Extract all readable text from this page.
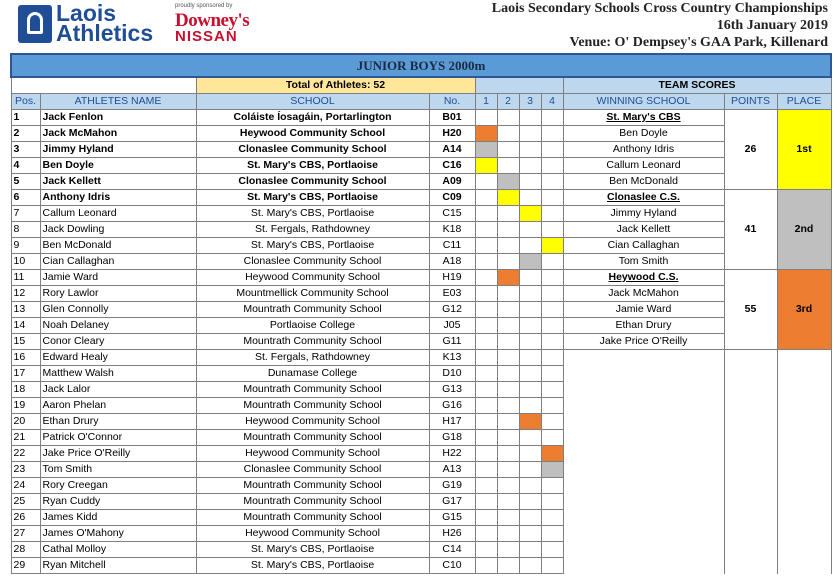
Laois
Athletics
proudly sponsored by
Downey's
NISSAN
Laois Secondary Schools Cross Country Championships
16th January 2019
Venue: O' Dempsey's GAA Park, Killenard
JUNIOR BOYS 2000m										
		Total of Athletes: 52						TEAM SCORES		
Pos.	ATHLETES NAME	SCHOOL	No.	1	2	3	4	WINNING SCHOOL	POINTS	PLACE
1	Jack Fenlon	Coláiste Íosagáin, Portarlington	B01					St. Mary's CBS	26	1st
2	Jack McMahon	Heywood Community School	H20					Ben Doyle		
3	Jimmy Hyland	Clonaslee Community School	A14					Anthony Idris		
4	Ben Doyle	St. Mary's CBS, Portlaoise	C16					Callum Leonard		
5	Jack Kellett	Clonaslee Community School	A09					Ben McDonald		
6	Anthony Idris	St. Mary's CBS, Portlaoise	C09					Clonaslee C.S.	41	2nd
7	Callum Leonard	St. Mary's CBS, Portlaoise	C15					Jimmy Hyland		
8	Jack Dowling	St. Fergals, Rathdowney	K18					Jack Kellett		
9	Ben McDonald	St. Mary's CBS, Portlaoise	C11					Cian Callaghan		
10	Cian Callaghan	Clonaslee Community School	A18					Tom Smith		
11	Jamie Ward	Heywood Community School	H19					Heywood C.S.	55	3rd
12	Rory Lawlor	Mountmellick Community School	E03					Jack McMahon		
13	Glen Connolly	Mountrath Community School	G12					Jamie Ward		
14	Noah Delaney	Portlaoise College	J05					Ethan Drury		
15	Conor Cleary	Mountrath Community School	G11					Jake Price O'Reilly		
16	Edward Healy	St. Fergals, Rathdowney	K13							
17	Matthew Walsh	Dunamase College	D10							
18	Jack Lalor	Mountrath Community School	G13							
19	Aaron Phelan	Mountrath Community School	G16							
20	Ethan Drury	Heywood Community School	H17							
21	Patrick O'Connor	Mountrath Community School	G18							
22	Jake Price O'Reilly	Heywood Community School	H22							
23	Tom Smith	Clonaslee Community School	A13							
24	Rory Creegan	Mountrath Community School	G19							
25	Ryan Cuddy	Mountrath Community School	G17							
26	James Kidd	Mountrath Community School	G15							
27	James O'Mahony	Heywood Community School	H26							
28	Cathal Molloy	St. Mary's CBS, Portlaoise	C14							
29	Ryan Mitchell	St. Mary's CBS, Portlaoise	C10							
